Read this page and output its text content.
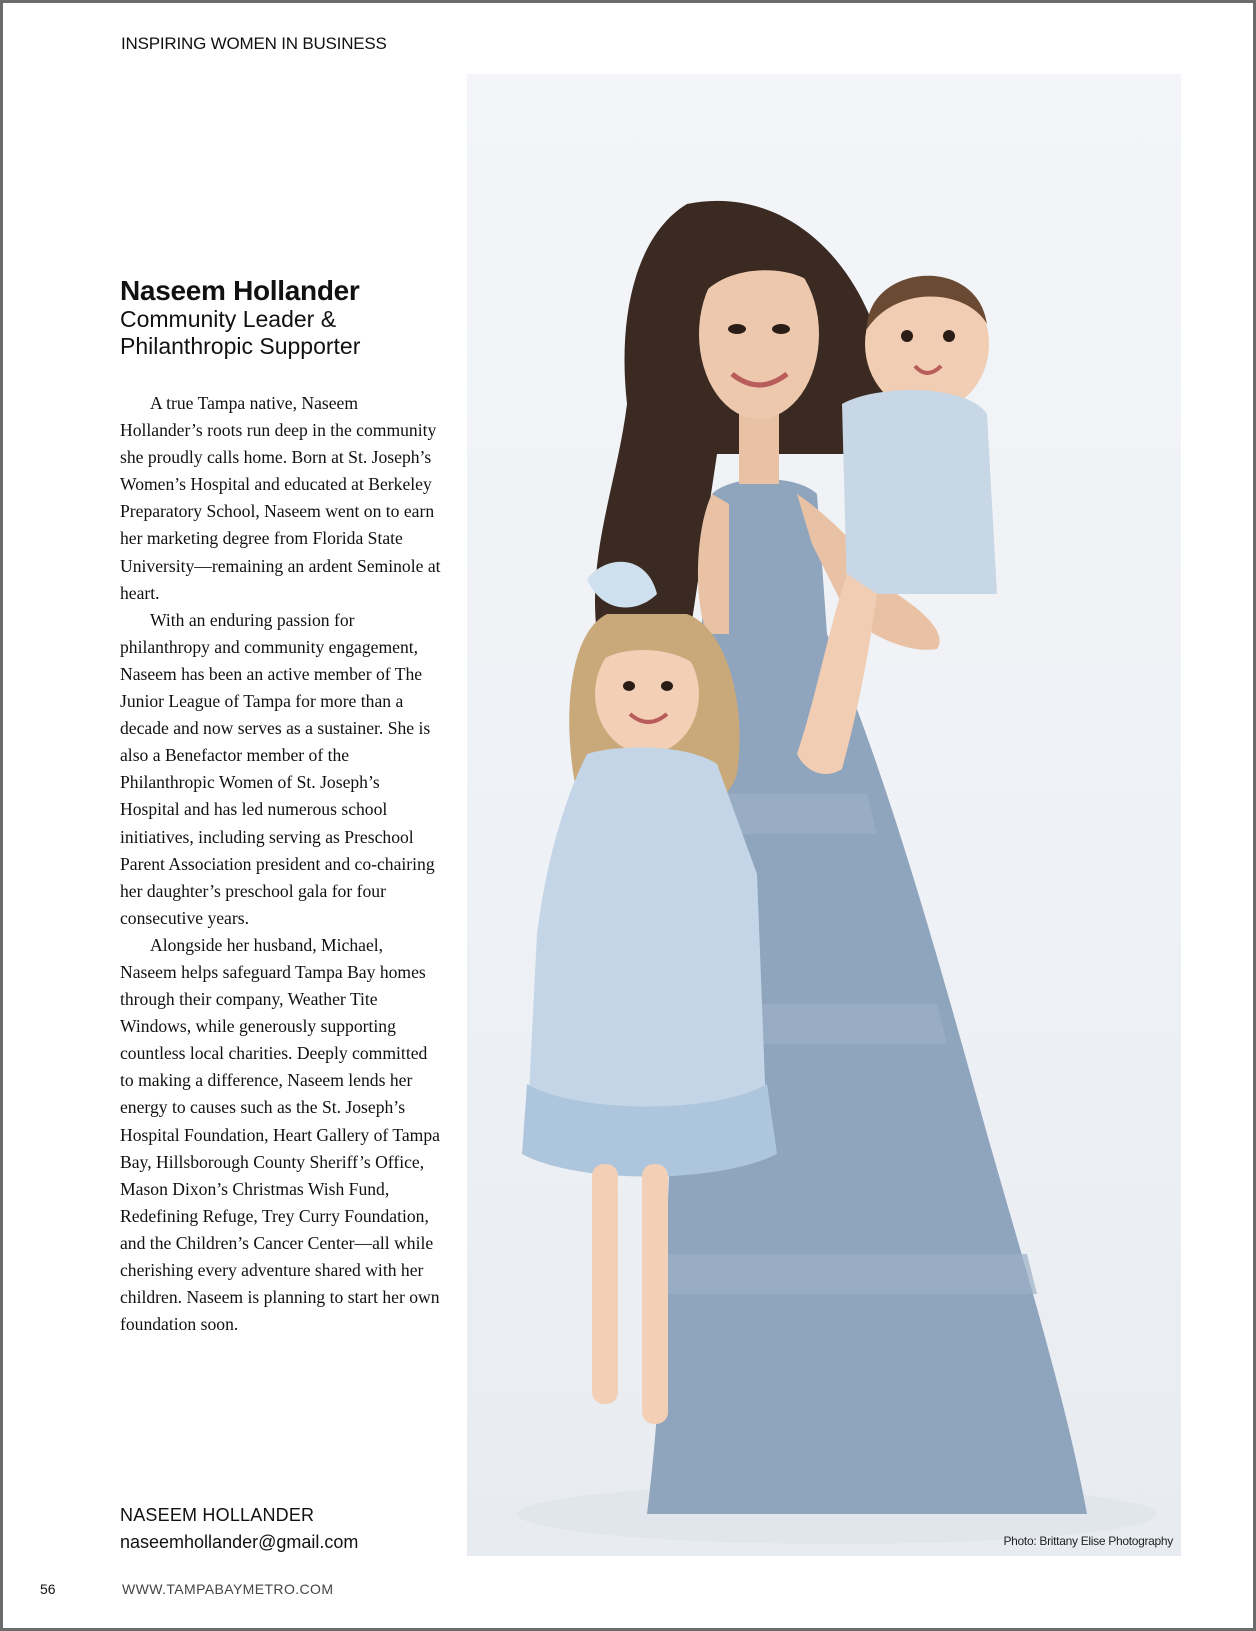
INSPIRING WOMEN IN BUSINESS
Naseem Hollander
Community Leader &
Philanthropic Supporter

A true Tampa native, Naseem Hollander’s roots run deep in the community she proudly calls home. Born at St. Joseph’s Women’s Hospital and educated at Berkeley Preparatory School, Naseem went on to earn her marketing degree from Florida State University—remaining an ardent Seminole at heart.

With an enduring passion for philanthropy and community engagement, Naseem has been an active member of The Junior League of Tampa for more than a decade and now serves as a sustainer. She is also a Benefactor member of the Philanthropic Women of St. Joseph’s Hospital and has led numerous school initiatives, including serving as Preschool Parent Association president and co-chairing her daughter’s preschool gala for four consecutive years.

Alongside her husband, Michael, Naseem helps safeguard Tampa Bay homes through their company, Weather Tite Windows, while generously supporting countless local charities. Deeply committed to making a difference, Naseem lends her energy to causes such as the St. Joseph’s Hospital Foundation, Heart Gallery of Tampa Bay, Hillsborough County Sheriff’s Office, Mason Dixon’s Christmas Wish Fund, Redefining Refuge, Trey Curry Foundation, and the Children’s Cancer Center—all while cherishing every adventure shared with her children. Naseem is planning to start her own foundation soon.

NASEEM HOLLANDER
naseemhollander@gmail.com
56	WWW.TAMPABAYMETRO.COM
Photo: Brittany Elise Photography
